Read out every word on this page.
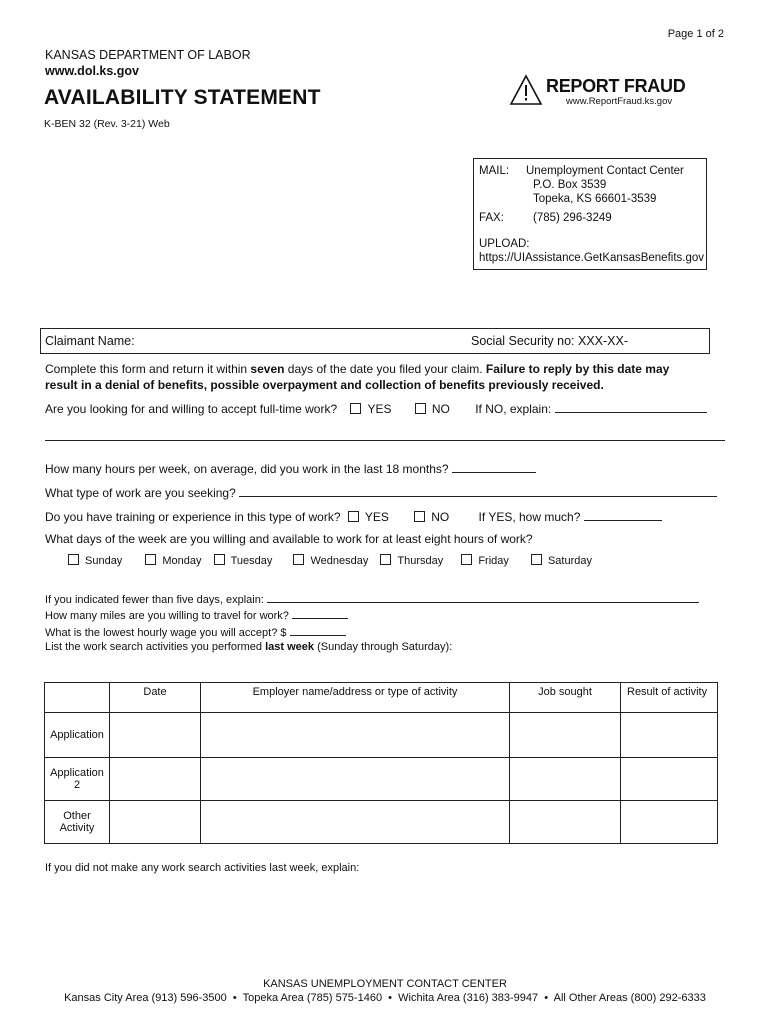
Page 1 of 2
KANSAS DEPARTMENT OF LABOR
www.dol.ks.gov
AVAILABILITY STATEMENT
K-BEN 32 (Rev. 3-21) Web
REPORT FRAUD
www.ReportFraud.ks.gov
MAIL: Unemployment Contact Center
P.O. Box 3539
Topeka, KS 66601-3539
FAX:	(785) 296-3249
UPLOAD:
https://UIAssistance.GetKansasBenefits.gov
Claimant Name:	Social Security no: XXX-XX-
Complete this form and return it within seven days of the date you filed your claim. Failure to reply by this date may
result in a denial of benefits, possible overpayment and collection of benefits previously received.
Are you looking for and willing to accept full-time work?	YES	NO If NO, explain:
How many hours per week, on average, did you work in the last 18 months?
What type of work are you seeking?
Do you have training or experience in this type of work? YES	NO If YES, how much?
What days of the week are you willing and available to work for at least eight hours of work?
Sunday	Monday	Tuesday	Wednesday	Thursday	Friday	Saturday
If you indicated fewer than five days, explain:
How many miles are you willing to travel for work?
What is the lowest hourly wage you will accept? $
List the work search activities you performed last week (Sunday through Saturday):
	Date	Employer name/address or type of activity	Job sought	Result of activity
Application				
Application 2				
Other Activity				
If you did not make any work search activities last week, explain:
KANSAS UNEMPLOYMENT CONTACT CENTER
Kansas City Area (913) 596-3500  •  Topeka Area (785) 575-1460  •  Wichita Area (316) 383-9947  •  All Other Areas (800) 292-6333
